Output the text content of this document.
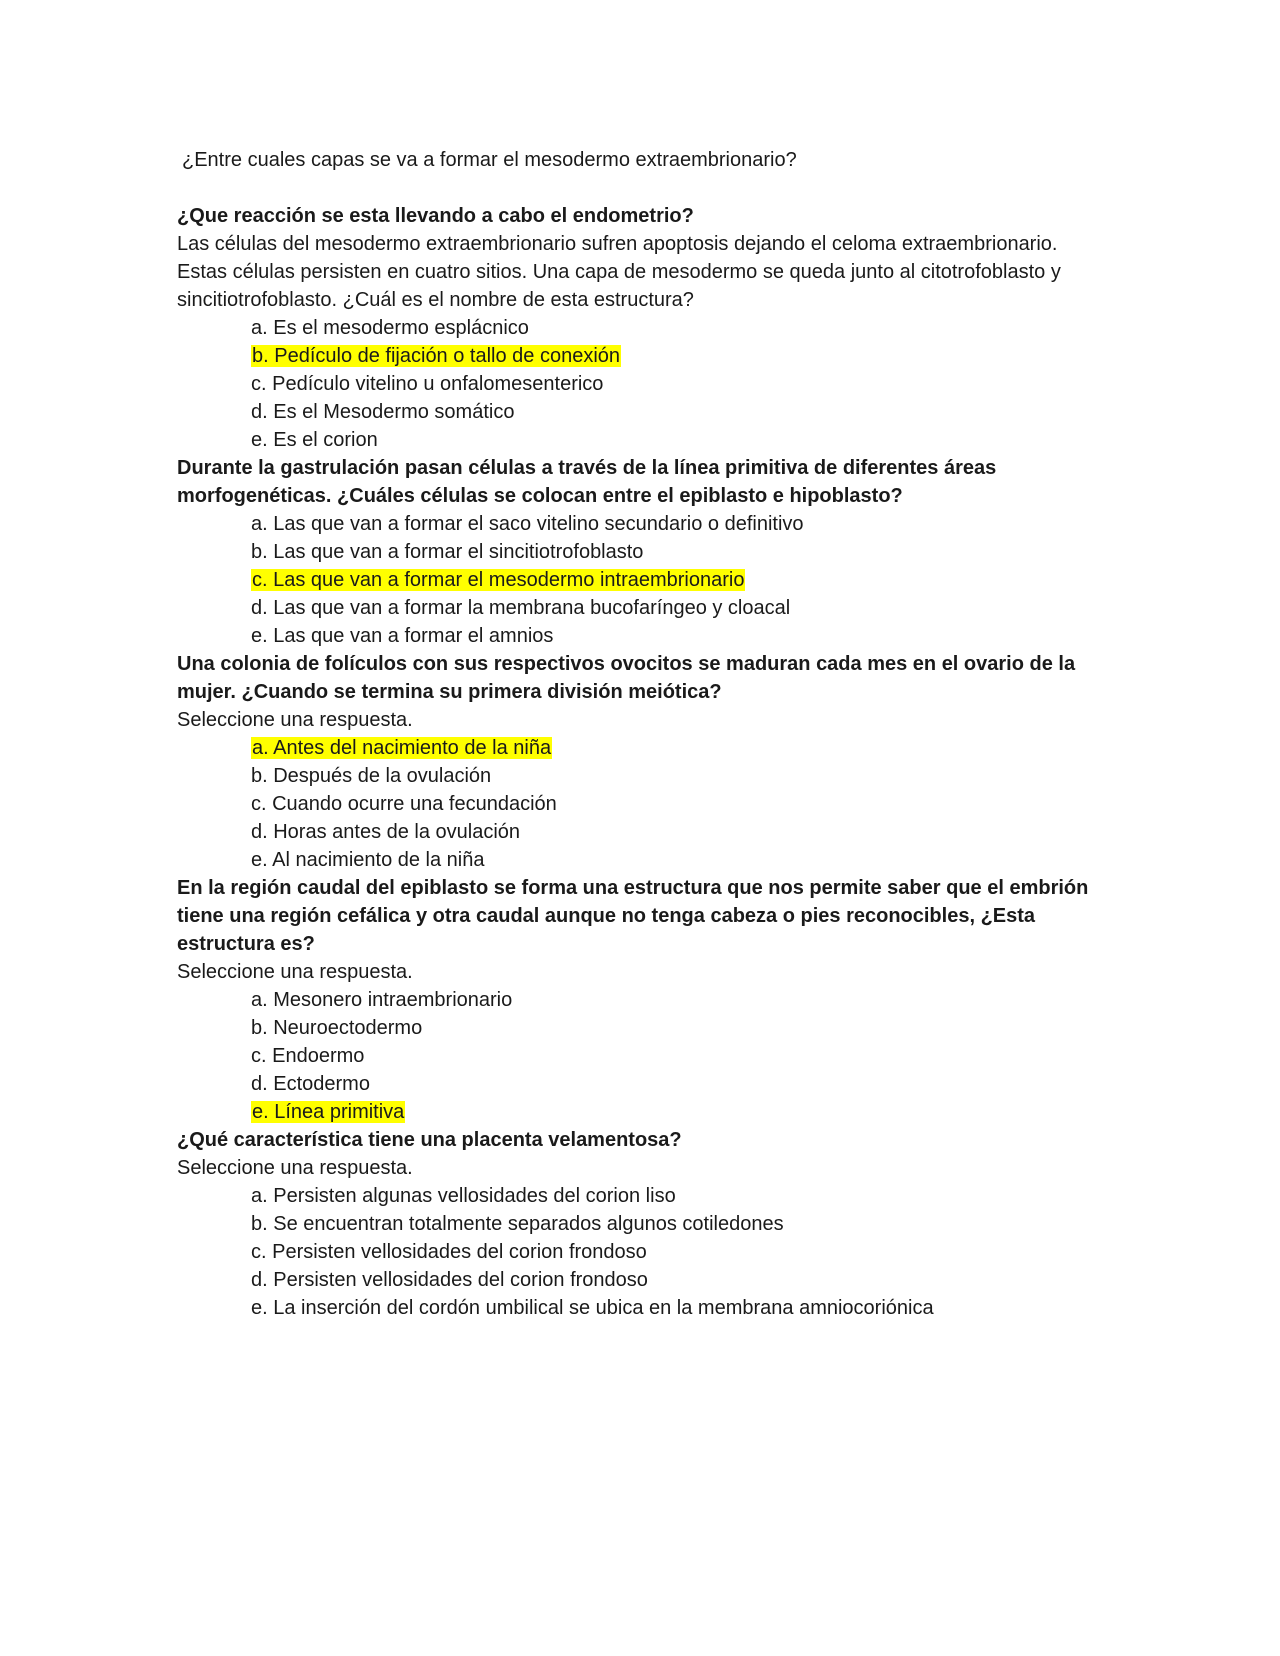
¿Entre cuales capas se va a formar el mesodermo extraembrionario?

¿Que reacción se esta llevando a cabo el endometrio?

Las células del mesodermo extraembrionario sufren apoptosis dejando el celoma extraembrionario. Estas células persisten en cuatro sitios. Una capa de mesodermo se queda junto al citotrofoblasto y sincitiotrofoblasto. ¿Cuál es el nombre de esta estructura?

a. Es el mesodermo esplácnico

b. Pedículo de fijación o tallo de conexión

c. Pedículo vitelino u onfalomesenterico

d. Es el Mesodermo somático

e. Es el corion

Durante la gastrulación pasan células a través de la línea primitiva de diferentes áreas morfogenéticas. ¿Cuáles células se colocan entre el epiblasto e hipoblasto?

a. Las que van a formar el saco vitelino secundario o definitivo

b. Las que van a formar el sincitiotrofoblasto

c. Las que van a formar el mesodermo intraembrionario

d. Las que van a formar la membrana bucofaríngeo y cloacal

e. Las que van a formar el amnios

Una colonia de folículos con sus respectivos ovocitos se maduran cada mes en el ovario de la mujer. ¿Cuando se termina su primera división meiótica?

Seleccione una respuesta.

a. Antes del nacimiento de la niña

b. Después de la ovulación

c. Cuando ocurre una fecundación

d. Horas antes de la ovulación

e. Al nacimiento de la niña

En la región caudal del epiblasto se forma una estructura que nos permite saber que el embrión tiene una región cefálica y otra caudal aunque no tenga cabeza o pies reconocibles, ¿Esta estructura es?

Seleccione una respuesta.

a. Mesonero intraembrionario

b. Neuroectodermo

c. Endoermo

d. Ectodermo

e. Línea primitiva

¿Qué característica tiene una placenta velamentosa?

Seleccione una respuesta.

a. Persisten algunas vellosidades del corion liso

b. Se encuentran totalmente separados algunos cotiledones

c. Persisten vellosidades del corion frondoso

d. Persisten vellosidades del corion frondoso

e. La inserción del cordón umbilical se ubica en la membrana amniocoriónica
